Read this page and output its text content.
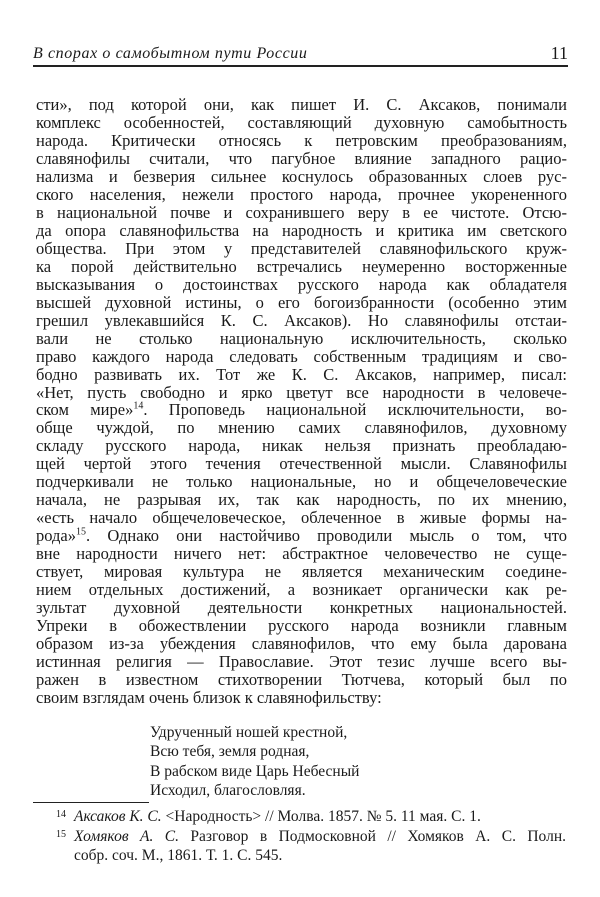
В спорах о самобытном пути России	11
сти», под которой они, как пишет И. С. Аксаков, понимали
комплекс особенностей, составляющий духовную самобытность
народа. Критически относясь к петровским преобразованиям,
славянофилы считали, что пагубное влияние западного рацио-
нализма и безверия сильнее коснулось образованных слоев рус-
ского населения, нежели простого народа, прочнее укорененного
в национальной почве и сохранившего веру в ее чистоте. Отсю-
да опора славянофильства на народность и критика им светского
общества. При этом у представителей славянофильского круж-
ка порой действительно встречались неумеренно восторженные
высказывания о достоинствах русского народа как обладателя
высшей духовной истины, о его богоизбранности (особенно этим
грешил увлекавшийся К. С. Аксаков). Но славянофилы отстаи-
вали не столько национальную исключительность, сколько
право каждого народа следовать собственным традициям и сво-
бодно развивать их. Тот же К. С. Аксаков, например, писал:
«Нет, пусть свободно и ярко цветут все народности в человече-
ском мире»$^{14}$. Проповедь национальной исключительности, во-
обще чуждой, по мнению самих славянофилов, духовному
складу русского народа, никак нельзя признать преобладаю-
щей чертой этого течения отечественной мысли. Славянофилы
подчеркивали не только национальные, но и общечеловеческие
начала, не разрывая их, так как народность, по их мнению,
«есть начало общечеловеческое, облеченное в живые формы на-
рода»$^{15}$. Однако они настойчиво проводили мысль о том, что
вне народности ничего нет: абстрактное человечество не суще-
ствует, мировая культура не является механическим соедине-
нием отдельных достижений, а возникает органически как ре-
зультат духовной деятельности конкретных национальностей.
Упреки в обожествлении русского народа возникли главным
образом из-за убеждения славянофилов, что ему была дарована
истинная религия — Православие. Этот тезис лучше всего вы-
ражен в известном стихотворении Тютчева, который был по
своим взглядам очень близок к славянофильству:
Удрученный ношей крестной,
Всю тебя, земля родная,
В рабском виде Царь Небесный
Исходил, благословляя.
14 Аксаков К. С. <Народность> // Молва. 1857. № 5. 11 мая. С. 1.
15 Хомяков А. С. Разговор в Подмосковной // Хомяков А. С. Полн.
собр. соч. М., 1861. Т. 1. С. 545.
